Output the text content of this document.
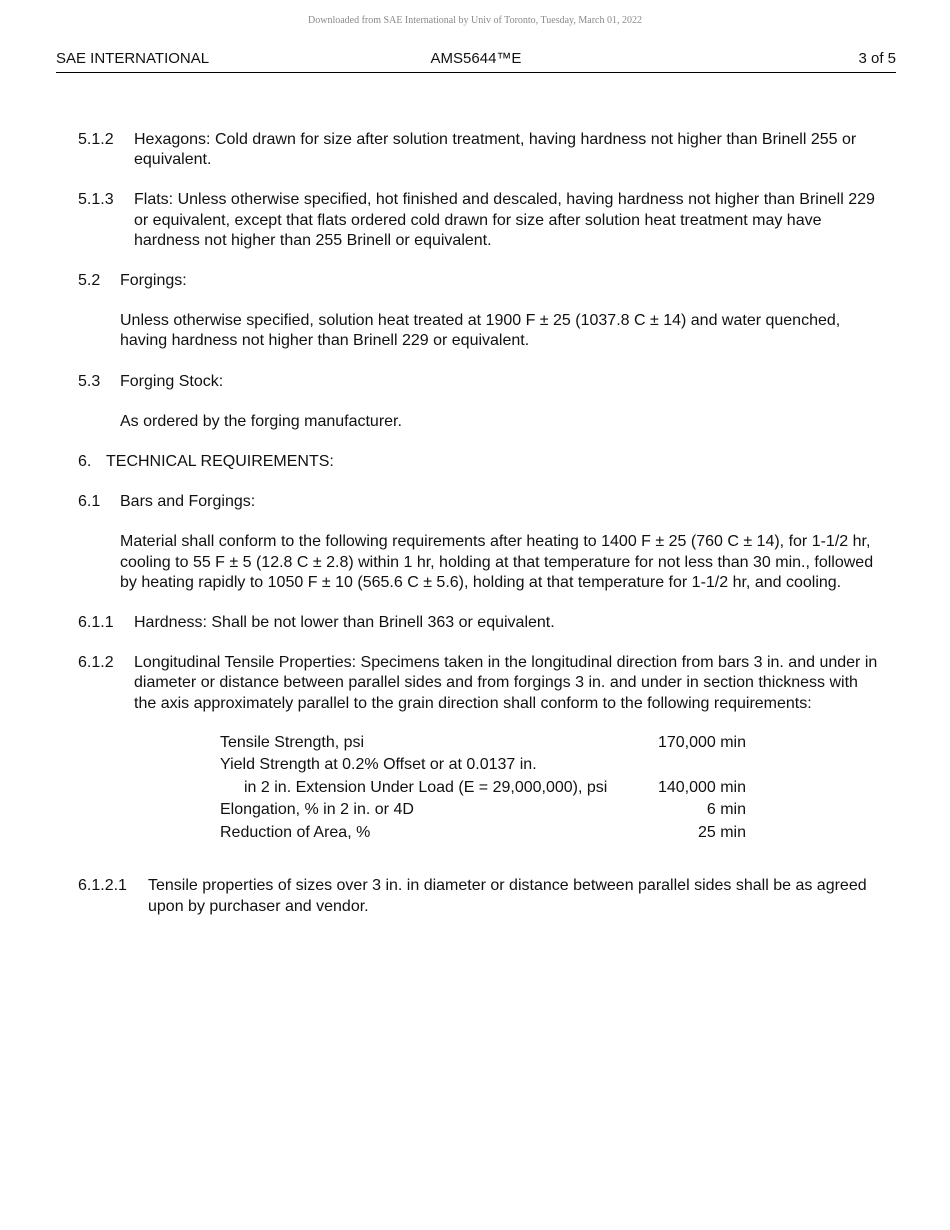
Downloaded from SAE International by Univ of Toronto, Tuesday, March 01, 2022
SAE INTERNATIONAL	AMS5644™E	3 of 5
5.1.2	Hexagons: Cold drawn for size after solution treatment, having hardness not higher than Brinell 255 or equivalent.
5.1.3	Flats: Unless otherwise specified, hot finished and descaled, having hardness not higher than Brinell 229 or equivalent, except that flats ordered cold drawn for size after solution heat treatment may have hardness not higher than 255 Brinell or equivalent.
5.2	Forgings:
Unless otherwise specified, solution heat treated at 1900 F ± 25 (1037.8 C ± 14) and water quenched, having hardness not higher than Brinell 229 or equivalent.
5.3	Forging Stock:
As ordered by the forging manufacturer.
6. TECHNICAL REQUIREMENTS:
6.1	Bars and Forgings:
Material shall conform to the following requirements after heating to 1400 F ± 25 (760 C ± 14), for 1-1/2 hr, cooling to 55 F ± 5 (12.8 C ± 2.8) within 1 hr, holding at that temperature for not less than 30 min., followed by heating rapidly to 1050 F ± 10 (565.6 C ± 5.6), holding at that temperature for 1-1/2 hr, and cooling.
6.1.1	Hardness: Shall be not lower than Brinell 363 or equivalent.
6.1.2	Longitudinal Tensile Properties: Specimens taken in the longitudinal direction from bars 3 in. and under in diameter or distance between parallel sides and from forgings 3 in. and under in section thickness with the axis approximately parallel to the grain direction shall conform to the following requirements:
Tensile Strength, psi	170,000 min
Yield Strength at 0.2% Offset or at 0.0137 in.
in 2 in. Extension Under Load (E = 29,000,000), psi	140,000 min
Elongation, % in 2 in. or 4D	6 min
Reduction of Area, %	25 min
6.1.2.1	Tensile properties of sizes over 3 in. in diameter or distance between parallel sides shall be as agreed upon by purchaser and vendor.
